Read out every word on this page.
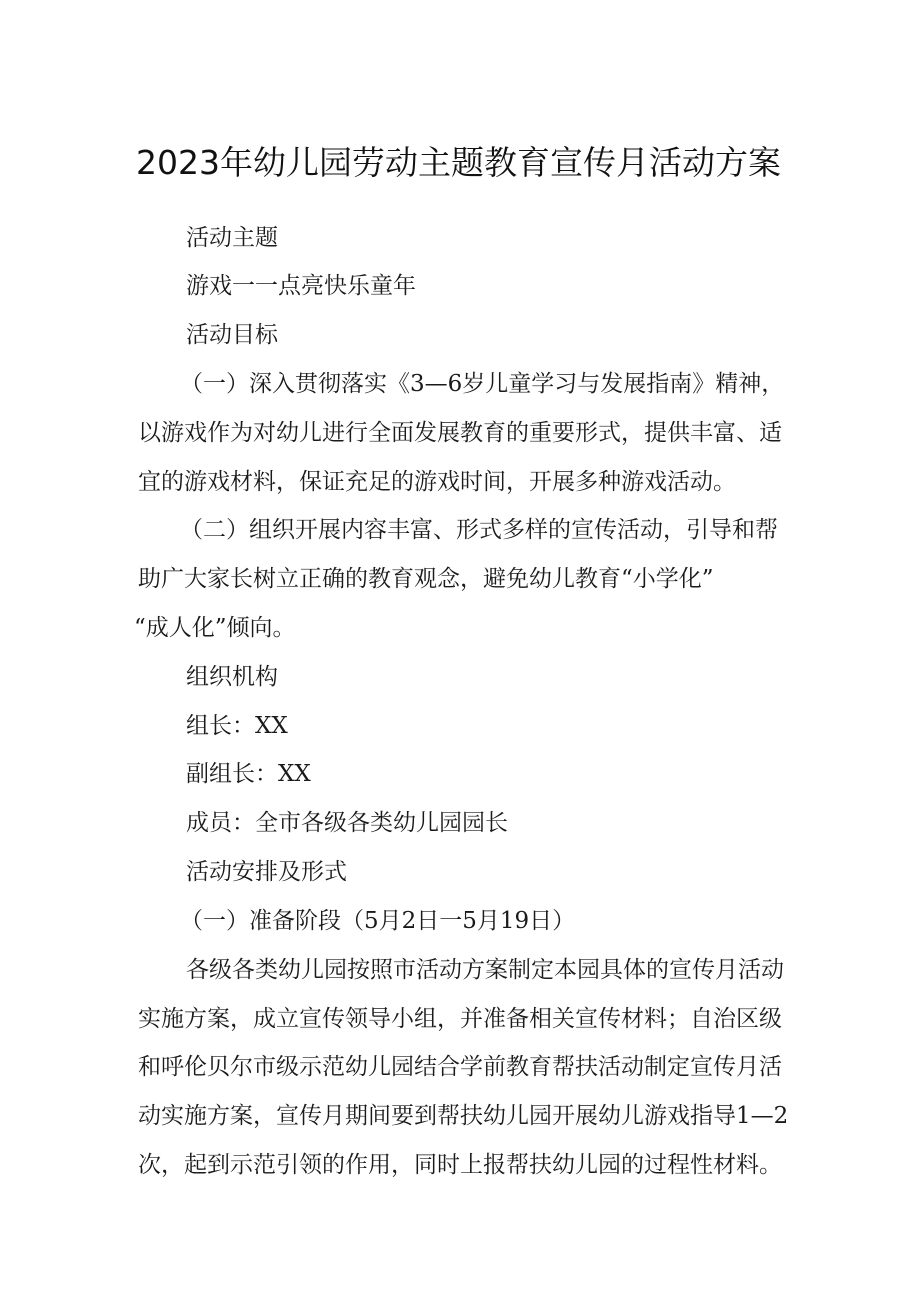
2023年幼儿园劳动主题教育宣传月活动方案

活动主题

游戏一一点亮快乐童年

活动目标

（一）深入贯彻落实《3—6岁儿童学习与发展指南》精神，

以游戏作为对幼儿进行全面发展教育的重要形式，提供丰富、适

宜的游戏材料，保证充足的游戏时间，开展多种游戏活动。

（二）组织开展内容丰富、形式多样的宣传活动，引导和帮

助广大家长树立正确的教育观念，避免幼儿教育“小学化”

“成人化”倾向。

组织机构

组长：XX

副组长：XX

成员：全市各级各类幼儿园园长

活动安排及形式

（一）准备阶段（5月2日一5月19日）

各级各类幼儿园按照市活动方案制定本园具体的宣传月活动

实施方案，成立宣传领导小组，并准备相关宣传材料；自治区级

和呼伦贝尔市级示范幼儿园结合学前教育帮扶活动制定宣传月活

动实施方案，宣传月期间要到帮扶幼儿园开展幼儿游戏指导1—2

次，起到示范引领的作用，同时上报帮扶幼儿园的过程性材料。
